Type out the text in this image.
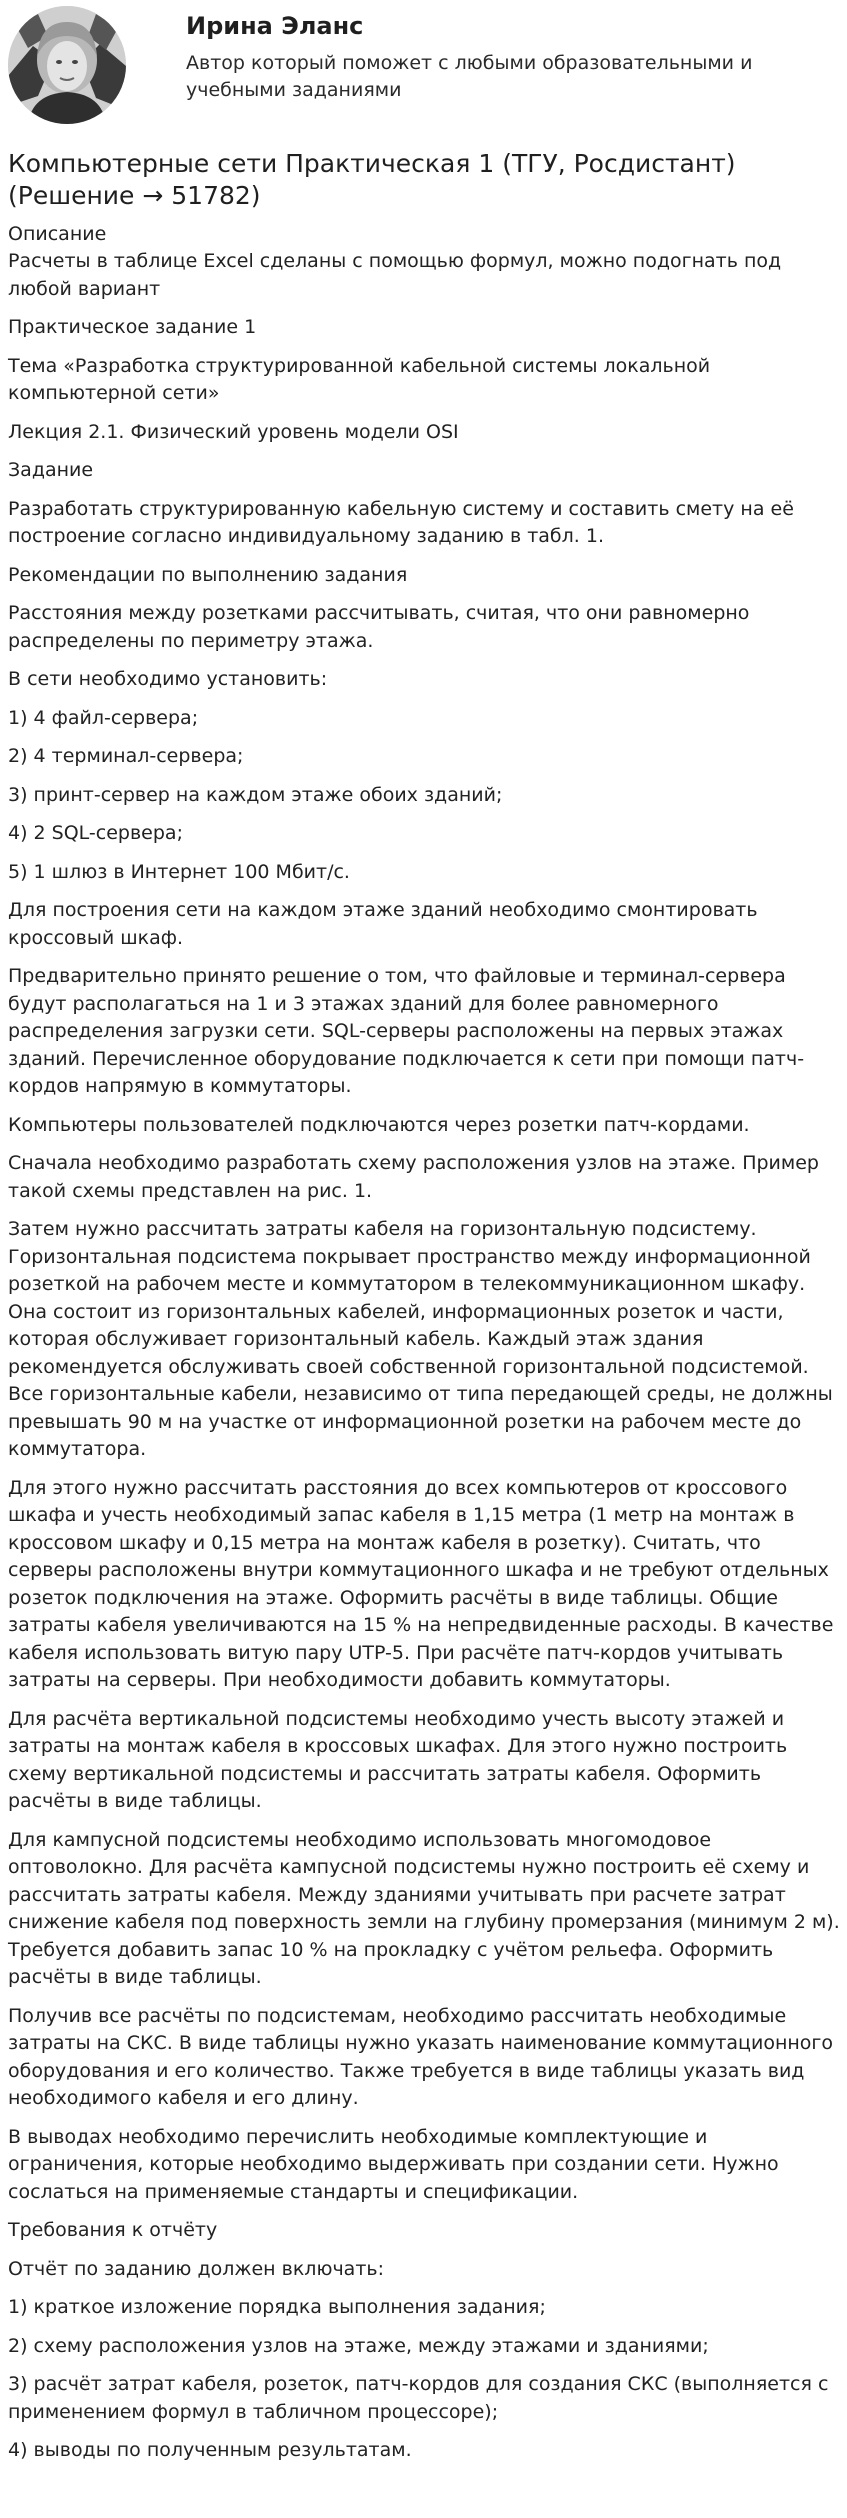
Ирина Эланс

Автор который поможет с любыми образовательными и учебными заданиями

Компьютерные сети Практическая 1 (ТГУ, Росдистант) (Решение → 51782)

Описание

Расчеты в таблице Excel сделаны с помощью формул, можно подогнать под любой вариант

Практическое задание 1

Тема «Разработка структурированной кабельной системы локальной компьютерной сети»

Лекция 2.1. Физический уровень модели OSI

Задание

Разработать структурированную кабельную систему и составить смету на её построение согласно индивидуальному заданию в табл. 1.

Рекомендации по выполнению задания

Расстояния между розетками рассчитывать, считая, что они равномерно распределены по периметру этажа.

В сети необходимо установить:

1) 4 файл-сервера;

2) 4 терминал-сервера;

3) принт-сервер на каждом этаже обоих зданий;

4) 2 SQL-сервера;

5) 1 шлюз в Интернет 100 Мбит/с.

Для построения сети на каждом этаже зданий необходимо смонтировать кроссовый шкаф.

Предварительно принято решение о том, что файловые и терминал-сервера будут располагаться на 1 и 3 этажах зданий для более равномерного распределения загрузки сети. SQL-серверы расположены на первых этажах зданий. Перечисленное оборудование подключается к сети при помощи патч-кордов напрямую в коммутаторы.

Компьютеры пользователей подключаются через розетки патч-кордами.

Сначала необходимо разработать схему расположения узлов на этаже. Пример такой схемы представлен на рис. 1.

Затем нужно рассчитать затраты кабеля на горизонтальную подсистему. Горизонтальная подсистема покрывает пространство между информационной розеткой на рабочем месте и коммутатором в телекоммуникационном шкафу. Она состоит из горизонтальных кабелей, информационных розеток и части, которая обслуживает горизонтальный кабель. Каждый этаж здания рекомендуется обслуживать своей собственной горизонтальной подсистемой. Все горизонтальные кабели, независимо от типа передающей среды, не должны превышать 90 м на участке от информационной розетки на рабочем месте до коммутатора.

Для этого нужно рассчитать расстояния до всех компьютеров от кроссового шкафа и учесть необходимый запас кабеля в 1,15 метра (1 метр на монтаж в кроссовом шкафу и 0,15 метра на монтаж кабеля в розетку). Считать, что серверы расположены внутри коммутационного шкафа и не требуют отдельных розеток подключения на этаже. Оформить расчёты в виде таблицы. Общие затраты кабеля увеличиваются на 15 % на непредвиденные расходы. В качестве кабеля использовать витую пару UTP-5. При расчёте патч-кордов учитывать затраты на серверы. При необходимости добавить коммутаторы.

Для расчёта вертикальной подсистемы необходимо учесть высоту этажей и затраты на монтаж кабеля в кроссовых шкафах. Для этого нужно построить схему вертикальной подсистемы и рассчитать затраты кабеля. Оформить расчёты в виде таблицы.

Для кампусной подсистемы необходимо использовать многомодовое оптоволокно. Для расчёта кампусной подсистемы нужно построить её схему и рассчитать затраты кабеля. Между зданиями учитывать при расчете затрат снижение кабеля под поверхность земли на глубину промерзания (минимум 2 м). Требуется добавить запас 10 % на прокладку с учётом рельефа. Оформить расчёты в виде таблицы.

Получив все расчёты по подсистемам, необходимо рассчитать необходимые затраты на СКС. В виде таблицы нужно указать наименование коммутационного оборудования и его количество. Также требуется в виде таблицы указать вид необходимого кабеля и его длину.

В выводах необходимо перечислить необходимые комплектующие и ограничения, которые необходимо выдерживать при создании сети. Нужно сослаться на применяемые стандарты и спецификации.

Требования к отчёту

Отчёт по заданию должен включать:

1) краткое изложение порядка выполнения задания;

2) схему расположения узлов на этаже, между этажами и зданиями;

3) расчёт затрат кабеля, розеток, патч-кордов для создания СКС (выполняется с применением формул в табличном процессоре);

4) выводы по полученным результатам.
